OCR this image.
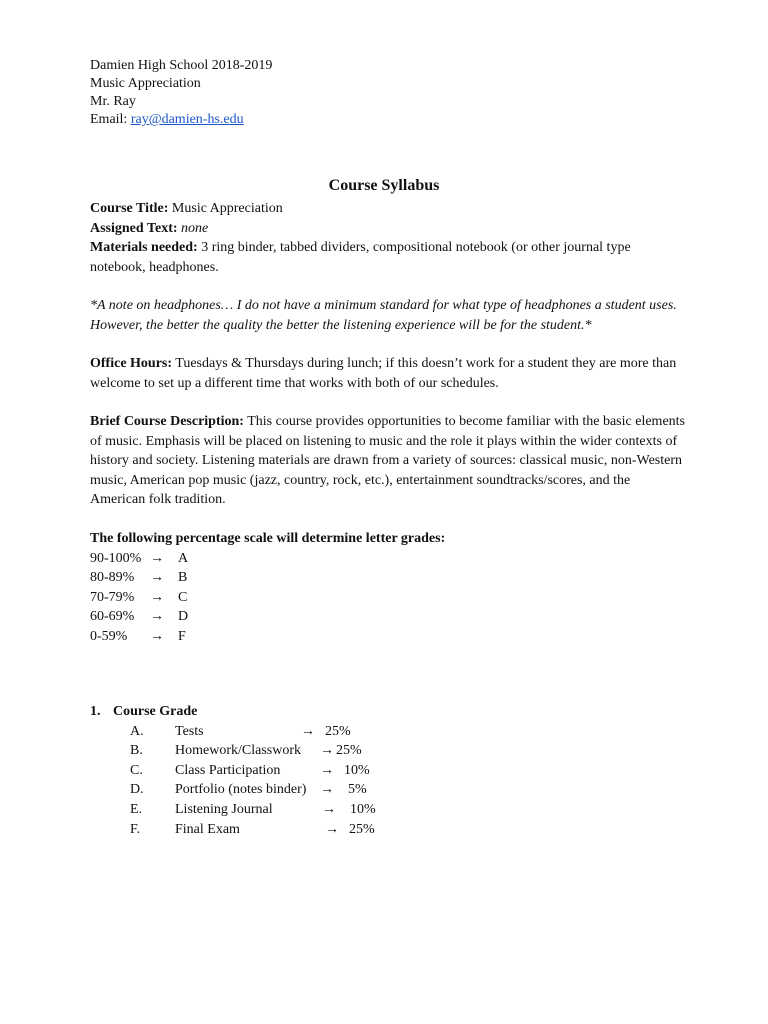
Damien High School 2018-2019

Music Appreciation

Mr. Ray

Email: ray@damien-hs.edu

Course Syllabus

Course Title: Music Appreciation

Assigned Text: none

Materials needed: 3 ring binder, tabbed dividers, compositional notebook (or other journal type notebook, headphones.

*A note on headphones… I do not have a minimum standard for what type of headphones a student uses. However, the better the quality the better the listening experience will be for the student.*

Office Hours: Tuesdays & Thursdays during lunch; if this doesn’t work for a student they are more than welcome to set up a different time that works with both of our schedules.

Brief Course Description: This course provides opportunities to become familiar with the basic elements of music. Emphasis will be placed on listening to music and the role it plays within the wider contexts of history and society. Listening materials are drawn from a variety of sources: classical music, non-Western music, American pop music (jazz, country, rock, etc.), entertainment soundtracks/scores, and the American folk tradition.

The following percentage scale will determine letter grades:

90-100% →	A
80-89%	→	B
70-79%	→	C
60-69%	→	D
0-59%	→	F
1. Course Grade
A.	Tests	→ 25%
B.	Homework/Classwork	→ 25%
C.	Class Participation	→ 10%
D.	Portfolio (notes binder) →	5%
E.	Listening Journal	→	10%
F.	Final Exam	→ 25%
